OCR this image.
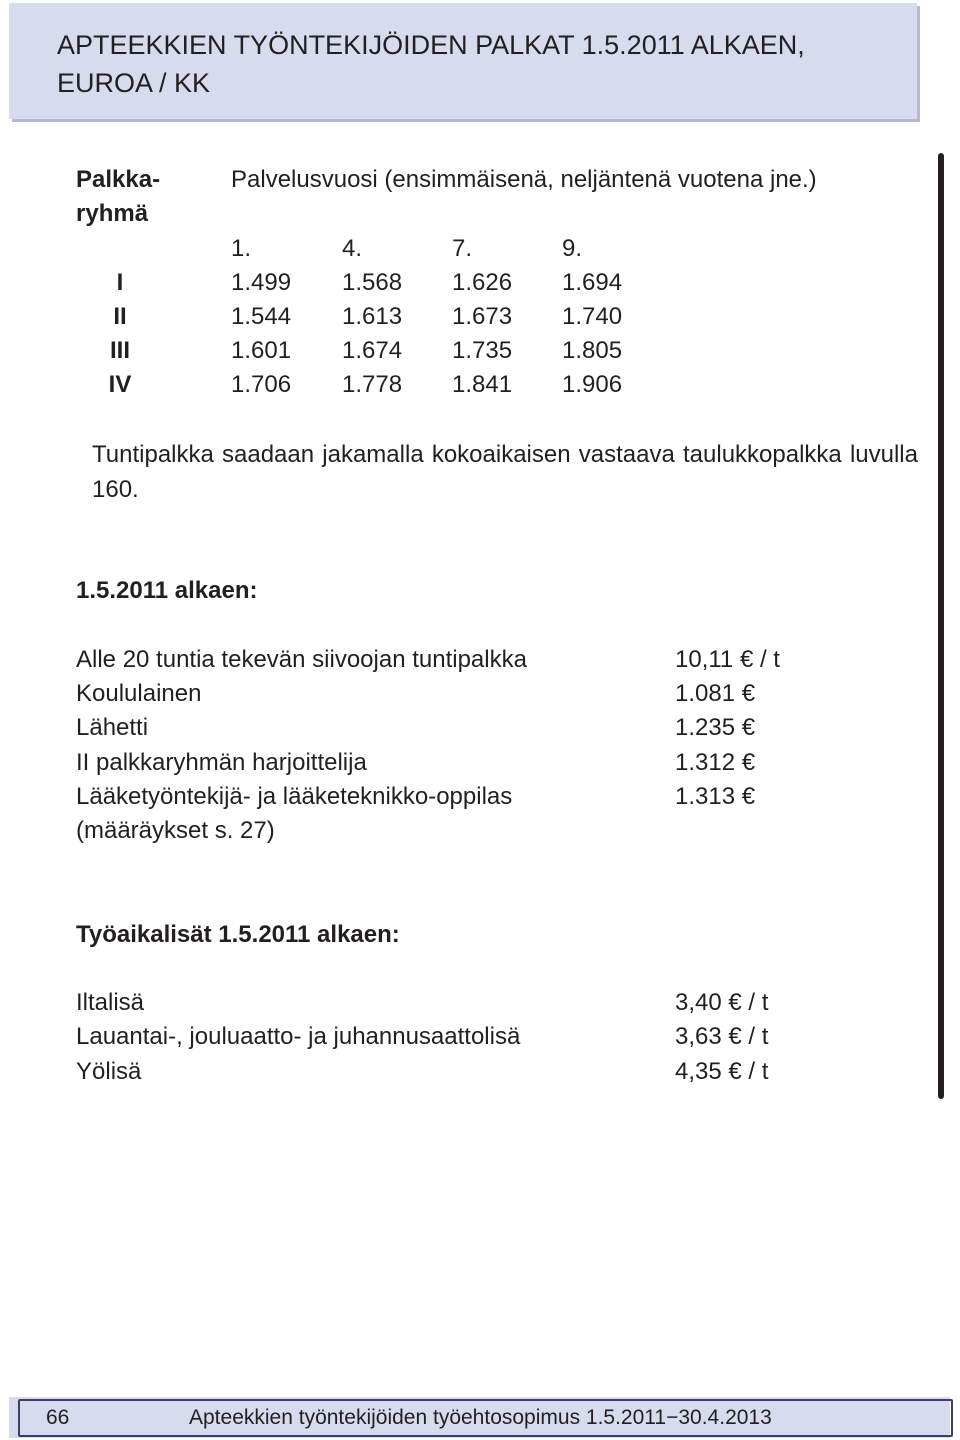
APTEEKKIEN TYÖNTEKIJÖIDEN PALKAT 1.5.2011 ALKAEN,
EUROA / KK
Palkka-
ryhmä
Palvelusvuosi (ensimmäisenä, neljäntenä vuotena jne.)
1.	4.	7.	9.
I	1.499 1.568 1.626 1.694
II	1.544 1.613 1.673 1.740
III	1.601 1.674 1.735 1.805
IV	1.706 1.778 1.841 1.906
Tuntipalkka saadaan jakamalla kokoaikaisen vastaava taulukkopalkka luvulla 160.
1.5.2011 alkaen:
Alle 20 tuntia tekevän siivoojan tuntipalkka	10,11 € / t
Koululainen	1.081 €
Lähetti	1.235 €
II palkkaryhmän harjoittelija	1.312 €
Lääketyöntekijä- ja lääketeknikko-oppilas	1.313 €
(määräykset s. 27)
Työaikalisät 1.5.2011 alkaen:
Iltalisä	3,40 € / t
Lauantai-, jouluaatto- ja juhannusaattolisä	3,63 € / t
Yölisä	4,35 € / t
66	Apteekkien työntekijöiden työehtosopimus 1.5.2011−30.4.2013
